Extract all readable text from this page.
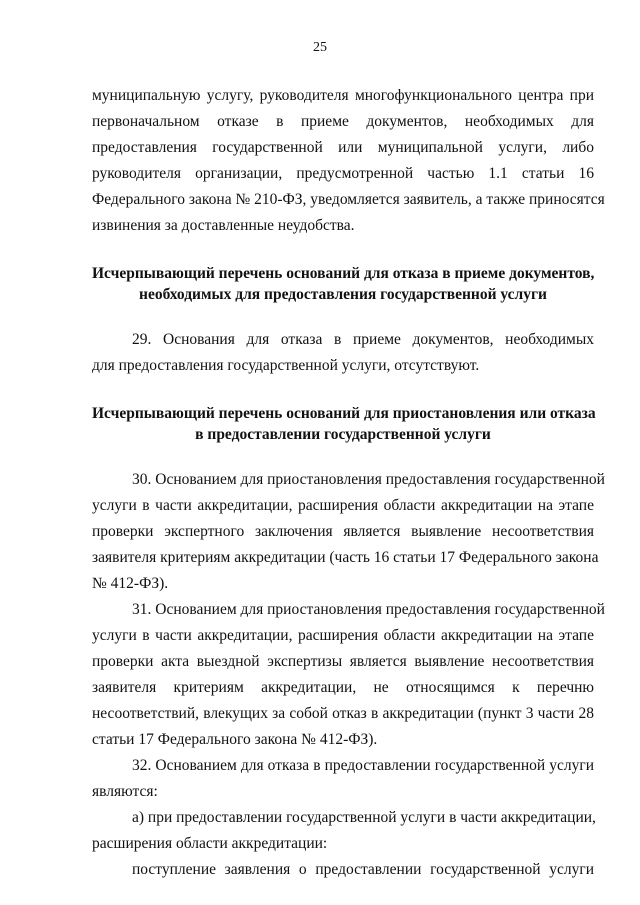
25
муниципальную услугу, руководителя многофункционального центра при
первоначальном отказе в приеме документов, необходимых для
предоставления государственной или муниципальной услуги, либо
руководителя организации, предусмотренной частью 1.1 статьи 16
Федерального закона № 210-ФЗ, уведомляется заявитель, а также приносятся
извинения за доставленные неудобства.
Исчерпывающий перечень оснований для отказа в приеме документов,
необходимых для предоставления государственной услуги
29. Основания для отказа в приеме документов, необходимых
для предоставления государственной услуги, отсутствуют.
Исчерпывающий перечень оснований для приостановления или отказа
в предоставлении государственной услуги
30. Основанием для приостановления предоставления государственной
услуги в части аккредитации, расширения области аккредитации на этапе
проверки экспертного заключения является выявление несоответствия
заявителя критериям аккредитации (часть 16 статьи 17 Федерального закона
№ 412-ФЗ).
31. Основанием для приостановления предоставления государственной
услуги в части аккредитации, расширения области аккредитации на этапе
проверки акта выездной экспертизы является выявление несоответствия
заявителя критериям аккредитации, не относящимся к перечню
несоответствий, влекущих за собой отказ в аккредитации (пункт 3 части 28
статьи 17 Федерального закона № 412-ФЗ).
32. Основанием для отказа в предоставлении государственной услуги
являются:
а) при предоставлении государственной услуги в части аккредитации,
расширения области аккредитации:
поступление заявления о предоставлении государственной услуги
